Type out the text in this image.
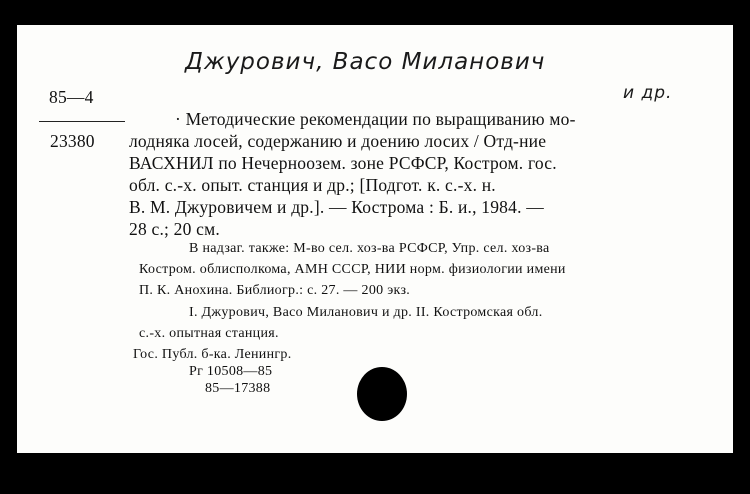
Джурович, Васо Миланович
и др.
85—4
23380
· Методические рекомендации по выращиванию мо-
лодняка лосей, содержанию и доению лосих / Отд-ние
ВАСХНИЛ по Нечерноозем. зоне РСФСР, Костром. гос.
обл. с.-х. опыт. станция и др.; [Подгот. к. с.-х. н.
В. М. Джуровичем и др.]. — Кострома : Б. и., 1984. —
28 с.; 20 см.
В надзаг. также: М-во сел. хоз-ва РСФСР, Упр. сел. хоз-ва
Костром. облисполкома, АМН СССР, НИИ норм. физиологии имени
П. К. Анохина. Библиогр.: с. 27. — 200 экз.
I. Джурович, Васо Миланович и др. II. Костромская обл.
с.-х. опытная станция.
Гос. Публ. б-ка. Ленингр.
Рг 10508—85
85—17388
